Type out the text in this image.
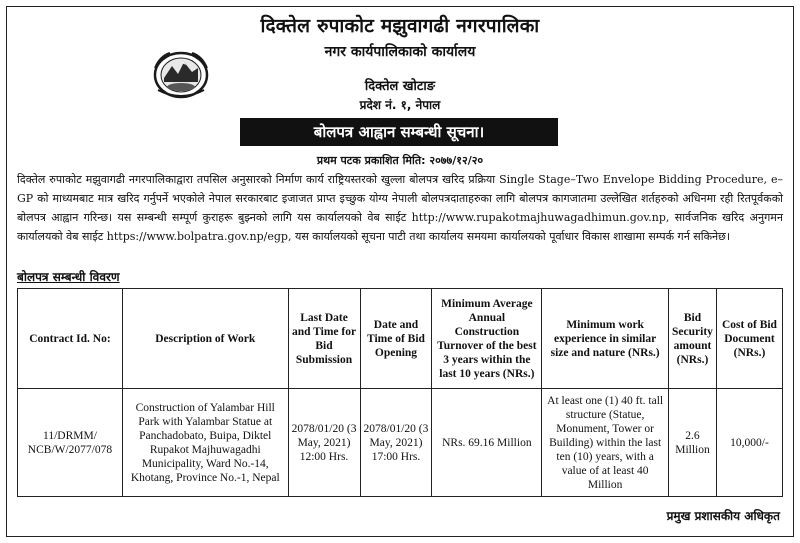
दिक्तेल रुपाकोट मझुवागढी नगरपालिका
नगर कार्यपालिकाको कार्यालय
दिक्तेल खोटाङ
प्रदेश नं. १, नेपाल
बोलपत्र आह्वान सम्बन्धी सूचना।
प्रथम पटक प्रकाशित मिति: २०७७/१२/२०
दिक्तेल रुपाकोट मझुवागढी नगरपालिकाद्वारा तपसिल अनुसारको निर्माण कार्य राष्ट्रियस्तरको खुल्ला बोलपत्र खरिद प्रक्रिया Single Stage–Two Envelope Bidding Procedure, e–GP को माध्यमबाट मात्र खरिद गर्नुपर्ने भएकोले नेपाल सरकारबाट इजाजत प्राप्त इच्छुक योग्य नेपाली बोलपत्रदाताहरुका लागि बोलपत्र कागजातमा उल्लेखित शर्तहरुको अधिनमा रही रितपूर्वकको बोलपत्र आह्वान गरिन्छ। यस सम्बन्धी सम्पूर्ण कुराहरू बुझ्नको लागि यस कार्यालयको वेब साईट http://www.rupakotmajhuwagadhimun.gov.np, सार्वजनिक खरिद अनुगमन कार्यालयको वेब साईट https://www.bolpatra.gov.np/egp, यस कार्यालयको सूचना पाटी तथा कार्यालय समयमा कार्यालयको पूर्वाधार विकास शाखामा सम्पर्क गर्न सकिनेछ।
बोलपत्र सम्बन्धी विवरण
Contract Id. No:	Description of Work	Last Date and Time for Bid Submission	Date and Time of Bid Opening	Minimum Average Annual Construction Turnover of the best 3 years within the last 10 years (NRs.)	Minimum work experience in similar size and nature (NRs.)	Bid Security amount (NRs.)	Cost of Bid Document (NRs.)
11/DRMM/ NCB/W/2077/078	Construction of Yalambar Hill Park with Yalambar Statue at Panchadobato, Buipa, Diktel Rupakot Majhuwagadhi Municipality, Ward No.-14, Khotang, Province No.-1, Nepal	2078/01/20 (3 May, 2021) 12:00 Hrs.	2078/01/20 (3 May, 2021) 17:00 Hrs.	NRs. 69.16 Million	At least one (1) 40 ft. tall structure (Statue, Monument, Tower or Building) within the last ten (10) years, with a value of at least 40 Million	2.6 Million	10,000/-
प्रमुख प्रशासकीय अधिकृत
